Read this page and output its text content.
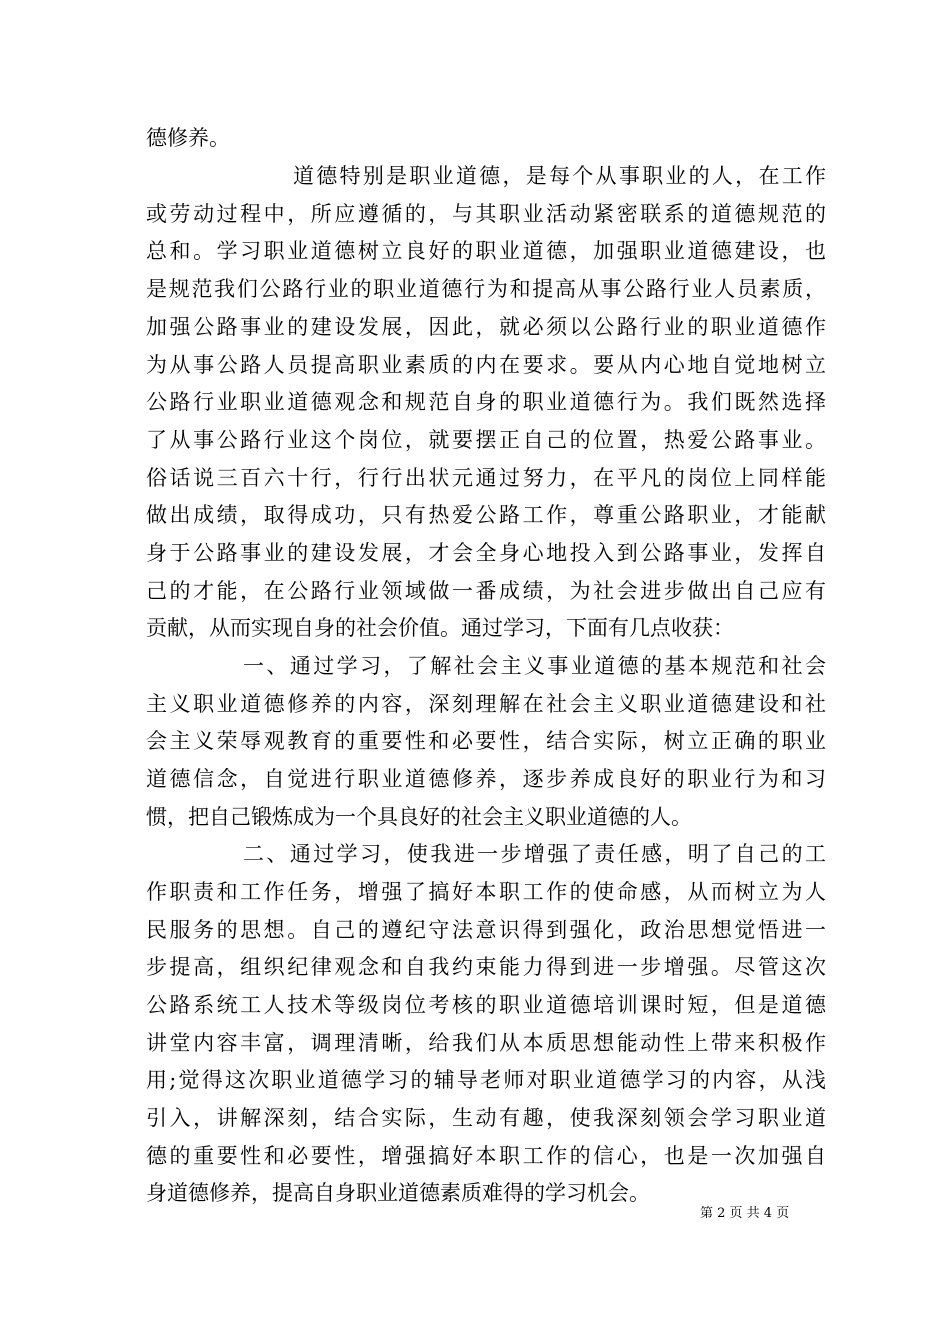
德修养。
道德特别是职业道德，是每个从事职业的人，在工作
或劳动过程中，所应遵循的，与其职业活动紧密联系的道德规范的
总和。学习职业道德树立良好的职业道德，加强职业道德建设，也
是规范我们公路行业的职业道德行为和提高从事公路行业人员素质，
加强公路事业的建设发展，因此，就必须以公路行业的职业道德作
为从事公路人员提高职业素质的内在要求。要从内心地自觉地树立
公路行业职业道德观念和规范自身的职业道德行为。我们既然选择
了从事公路行业这个岗位，就要摆正自己的位置，热爱公路事业。
俗话说三百六十行，行行出状元通过努力，在平凡的岗位上同样能
做出成绩，取得成功，只有热爱公路工作，尊重公路职业，才能献
身于公路事业的建设发展，才会全身心地投入到公路事业，发挥自
己的才能，在公路行业领域做一番成绩，为社会进步做出自己应有
贡献，从而实现自身的社会价值。通过学习，下面有几点收获：
一、通过学习，了解社会主义事业道德的基本规范和社会
主义职业道德修养的内容，深刻理解在社会主义职业道德建设和社
会主义荣辱观教育的重要性和必要性，结合实际，树立正确的职业
道德信念，自觉进行职业道德修养，逐步养成良好的职业行为和习
惯，把自己锻炼成为一个具良好的社会主义职业道德的人。
二、通过学习，使我进一步增强了责任感，明了自己的工
作职责和工作任务，增强了搞好本职工作的使命感，从而树立为人
民服务的思想。自己的遵纪守法意识得到强化，政治思想觉悟进一
步提高，组织纪律观念和自我约束能力得到进一步增强。尽管这次
公路系统工人技术等级岗位考核的职业道德培训课时短，但是道德
讲堂内容丰富，调理清晰，给我们从本质思想能动性上带来积极作
用;觉得这次职业道德学习的辅导老师对职业道德学习的内容，从浅
引入，讲解深刻，结合实际，生动有趣，使我深刻领会学习职业道
德的重要性和必要性，增强搞好本职工作的信心，也是一次加强自
身道德修养，提高自身职业道德素质难得的学习机会。
第 2 页 共 4 页
